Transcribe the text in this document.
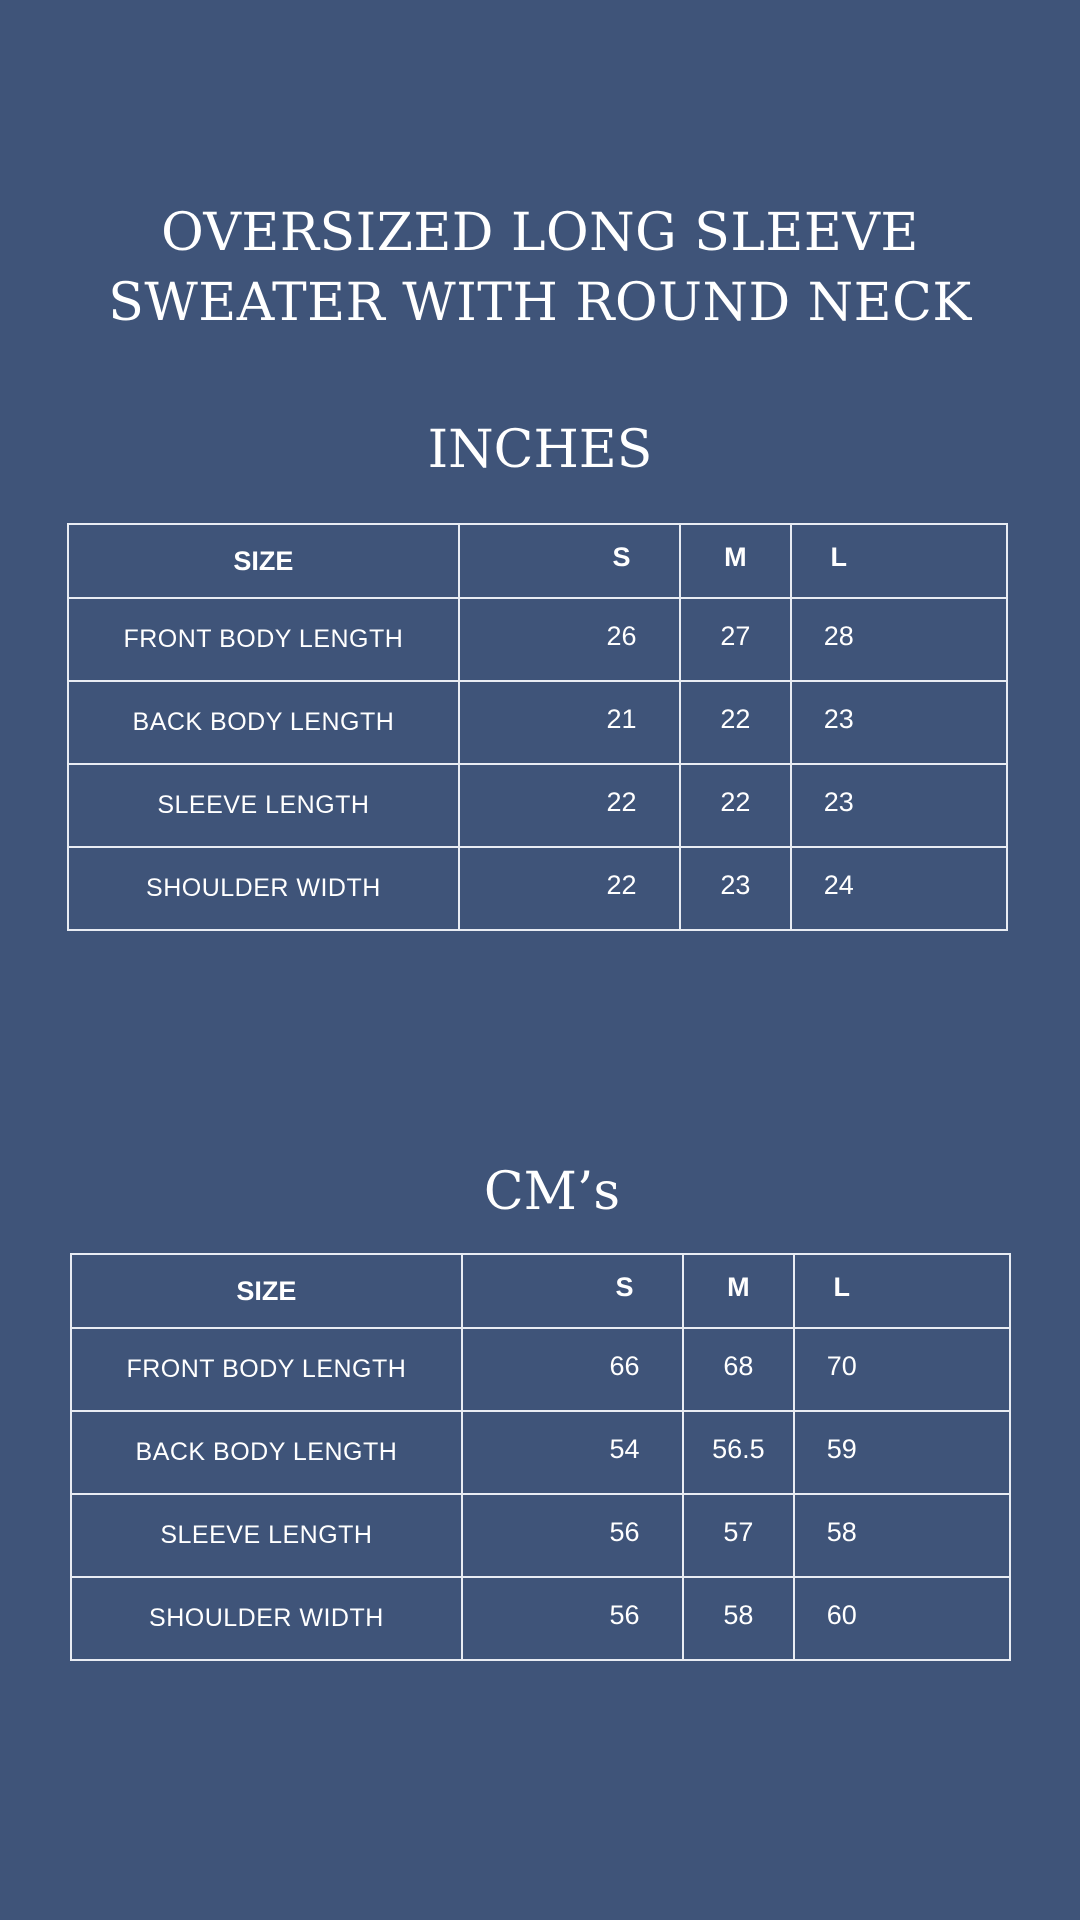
OVERSIZED LONG SLEEVE
SWEATER WITH ROUND NECK
INCHES
SIZE	S	M	L
FRONT BODY LENGTH	26	27	28
BACK BODY LENGTH	21	22	23
SLEEVE LENGTH	22	22	23
SHOULDER WIDTH	22	23	24
CM’s
SIZE	S	M	L
FRONT BODY LENGTH	66	68	70
BACK BODY LENGTH	54	56.5	59
SLEEVE LENGTH	56	57	58
SHOULDER WIDTH	56	58	60
